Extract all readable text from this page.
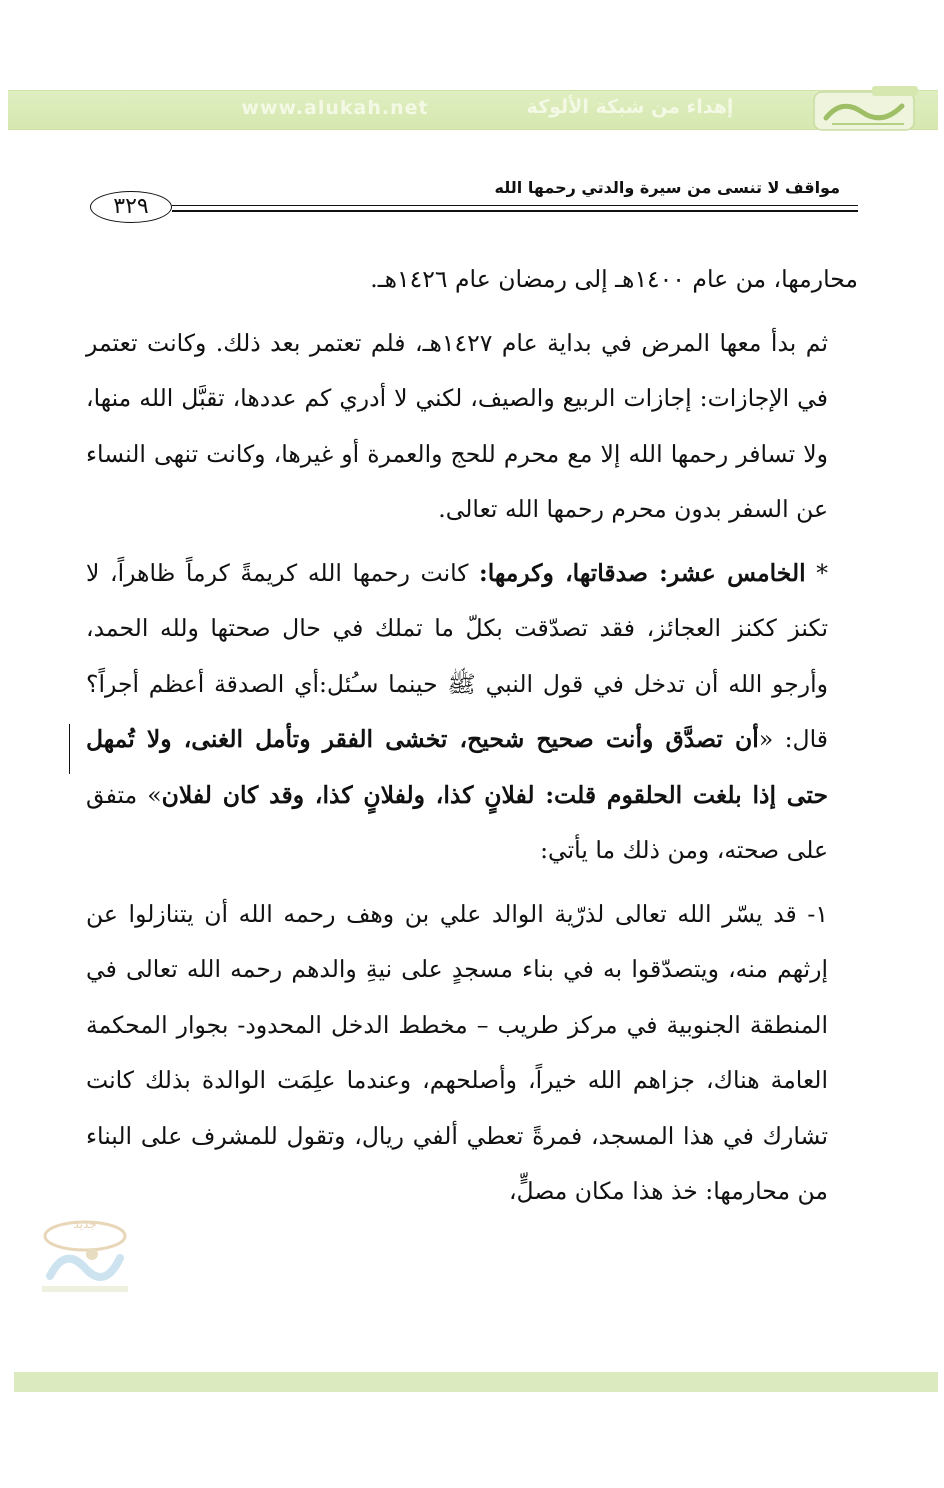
www.alukah.net	إهداء من شبكة الألوكة
مواقف لا تنسى من سيرة والدتي رحمها الله
٣٢٩

محارمها، من عام ١٤٠٠هـ إلى رمضان عام ١٤٢٦هـ.

ثم بدأ معها المرض في بداية عام ١٤٢٧هـ، فلم تعتمر بعد ذلك. وكانت تعتمر في الإجازات: إجازات الربيع والصيف، لكني لا أدري كم عددها، تقبَّل الله منها، ولا تسافر رحمها الله إلا مع محرم للحج والعمرة أو غيرها، وكانت تنهى النساء عن السفر بدون محرم رحمها الله تعالى.

* الخامس عشر: صدقاتها، وكرمها: كانت رحمها الله كريمةً كرماً ظاهراً، لا تكنز ككنز العجائز، فقد تصدّقت بكلّ ما تملك في حال صحتها ولله الحمد، وأرجو الله أن تدخل في قول النبي ﷺ حينما سـُئل:أي الصدقة أعظم أجراً؟ قال: «أن تصدَّق وأنت صحيح شحيح، تخشى الفقر وتأمل الغنى، ولا تُمهل حتى إذا بلغت الحلقوم قلت: لفلانٍ كذا، ولفلانٍ كذا، وقد كان لفلان» متفق على صحته، ومن ذلك ما يأتي:

١- قد يسّر الله تعالى لذرّية الوالد علي بن وهف رحمه الله أن يتنازلوا عن إرثهم منه، ويتصدّقوا به في بناء مسجدٍ على نيةِ والدهم رحمه الله تعالى في المنطقة الجنوبية في مركز طريب – مخطط الدخل المحدود- بجوار المحكمة العامة هناك، جزاهم الله خيراً، وأصلحهم، وعندما علِمَت الوالدة بذلك كانت تشارك في هذا المسجد، فمرةً تعطي ألفي ريال، وتقول للمشرف على البناء من محارمها: خذ هذا مكان مصلٍّ،

جديد
